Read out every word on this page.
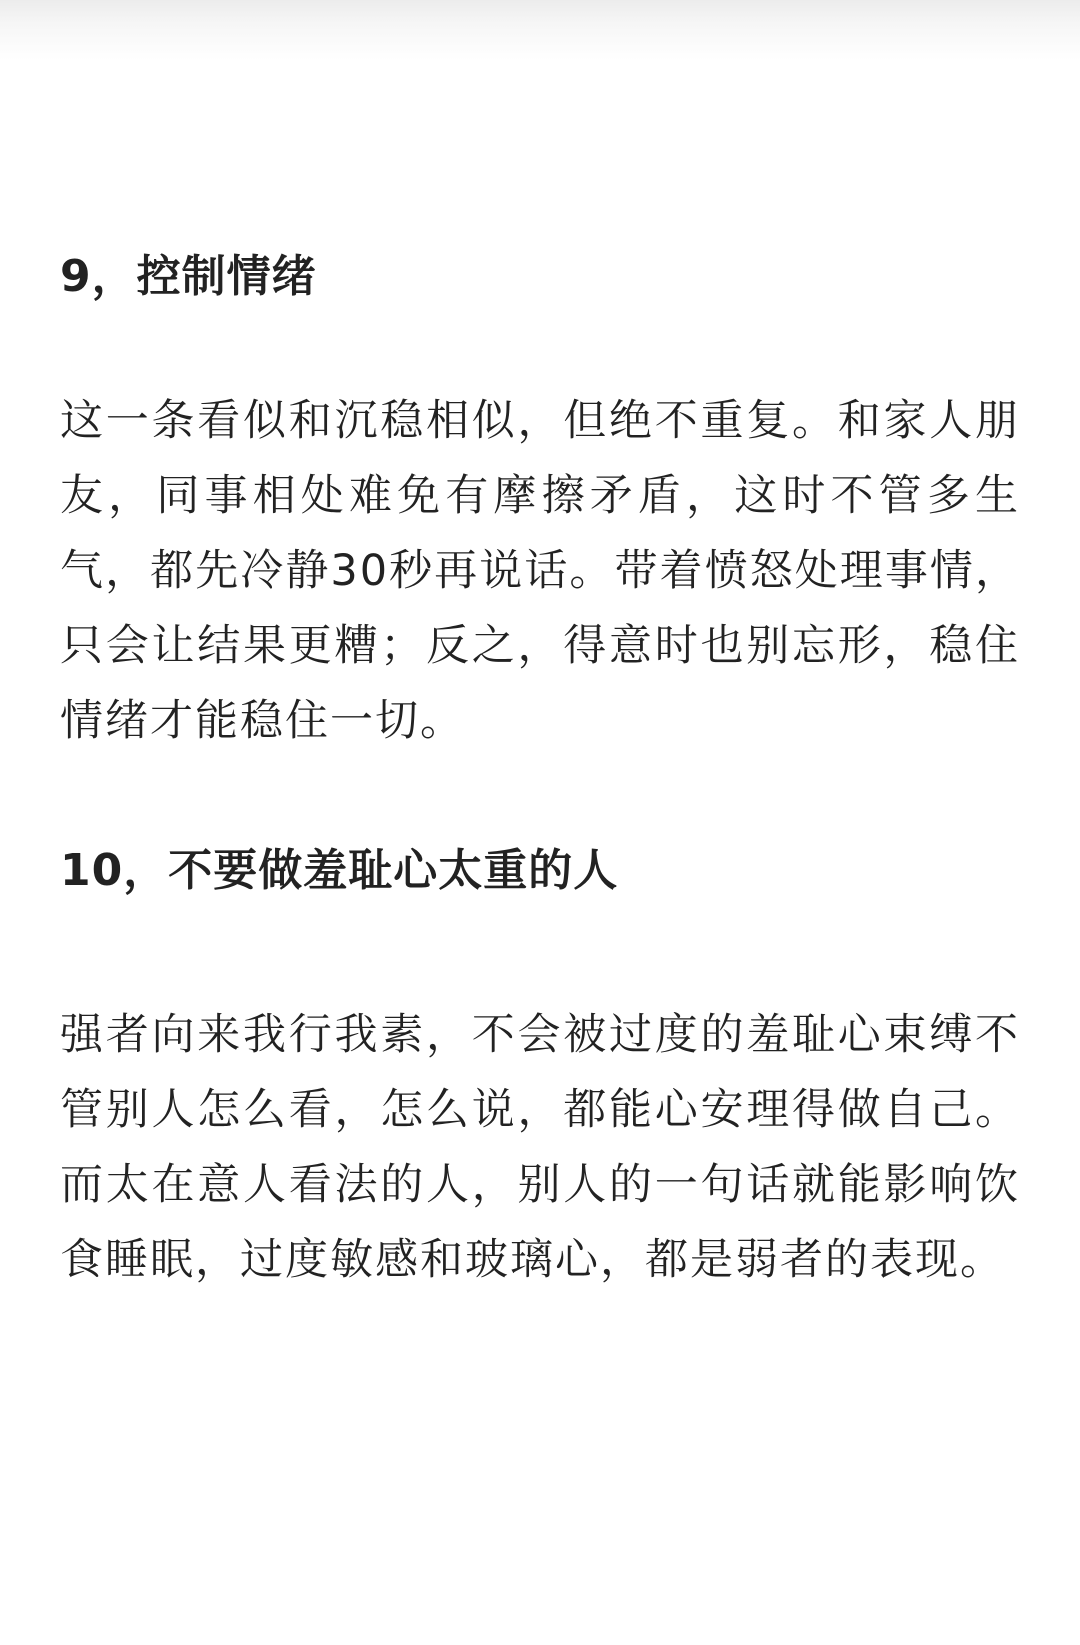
9，控制情绪

这一条看似和沉稳相似，但绝不重复。和家人朋友，同事相处难免有摩擦矛盾，这时不管多生气，都先冷静30秒再说话。带着愤怒处理事情，只会让结果更糟；反之，得意时也别忘形，稳住情绪才能稳住一切。

10，不要做羞耻心太重的人

强者向来我行我素，不会被过度的羞耻心束缚不管别人怎么看，怎么说，都能心安理得做自己。而太在意人看法的人，别人的一句话就能影响饮食睡眠，过度敏感和玻璃心，都是弱者的表现。
